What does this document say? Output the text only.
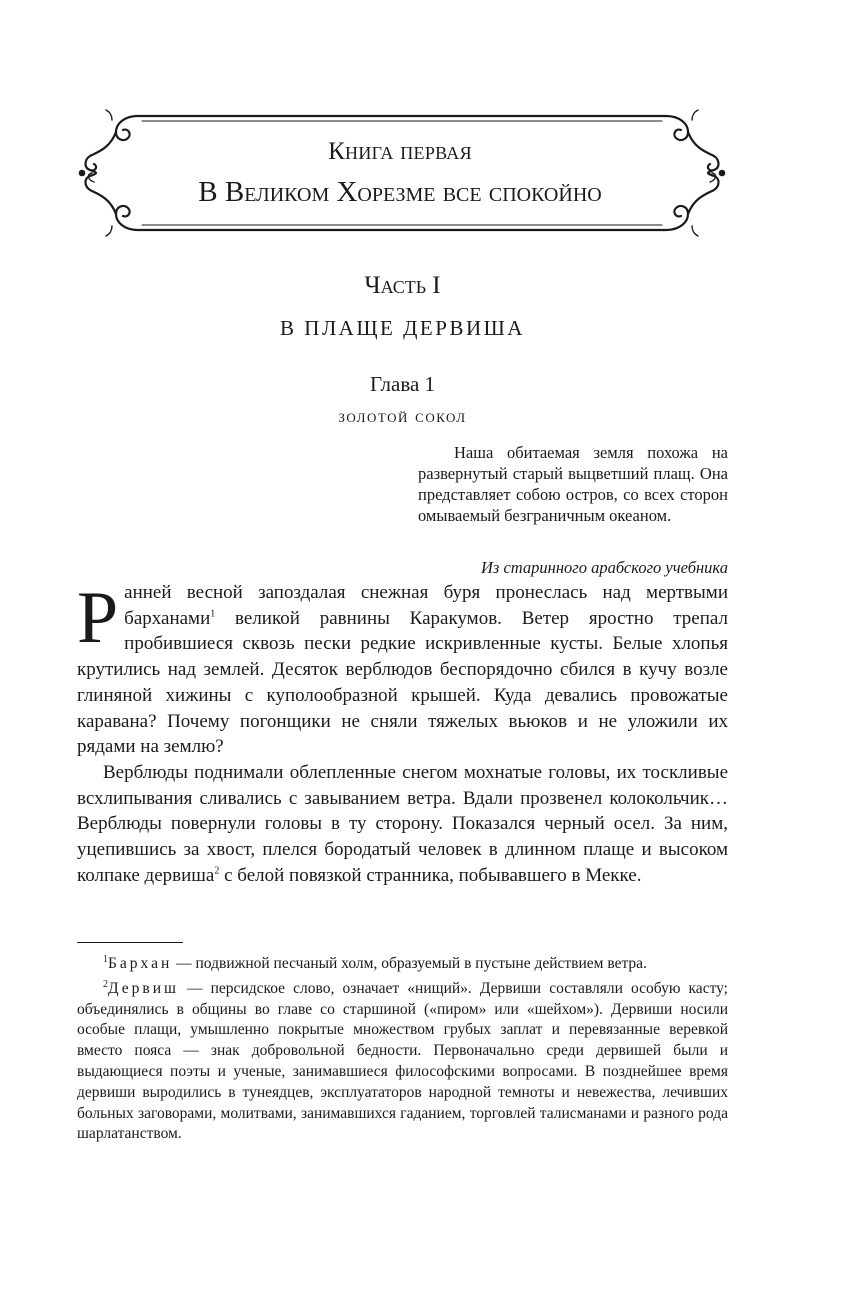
Книга первая
В Великом Хорезме все спокойно
Часть I
В ПЛАЩЕ ДЕРВИША
Глава 1
золотой сокол
Наша обитаемая земля похожа на развернутый старый выцветший плащ. Она представляет собою остров, со всех сторон омываемый безграничным океаном.
Из старинного арабского учебника

Ранней весной запоздалая снежная буря пронеслась над мертвыми барханами$^1$ великой равнины Каракумов. Ветер яростно трепал пробившиеся сквозь пески редкие искривленные кусты. Белые хлопья крутились над землей. Десяток верблюдов беспорядочно сбился в кучу возле глиняной хижины с куполообразной крышей. Куда девались провожатые каравана? Почему погонщики не сняли тяжелых вьюков и не уложили их рядами на землю?

Верблюды поднимали облепленные снегом мохнатые головы, их тоскливые всхлипывания сливались с завыванием ветра. Вдали прозвенел колокольчик… Верблюды повернули головы в ту сторону. Показался черный осел. За ним, уцепившись за хвост, плелся бородатый человек в длинном плаще и высоком колпаке дервиша$^2$ с белой повязкой странника, побывавшего в Мекке.

$^1$Бархан — подвижной песчаный холм, образуемый в пустыне действием ветра.

$^2$Дервиш — персидское слово, означает «нищий». Дервиши составляли особую касту; объединялись в общины во главе со старшиной («пиром» или «шейхом»). Дервиши носили особые плащи, умышленно покрытые множеством грубых заплат и перевязанные веревкой вместо пояса — знак добровольной бедности. Первоначально среди дервишей были и выдающиеся поэты и ученые, занимавшиеся философскими вопросами. В позднейшее время дервиши выродились в тунеядцев, эксплуататоров народной темноты и невежества, лечивших больных заговорами, молитвами, занимавшихся гаданием, торговлей талисманами и разного рода шарлатанством.
